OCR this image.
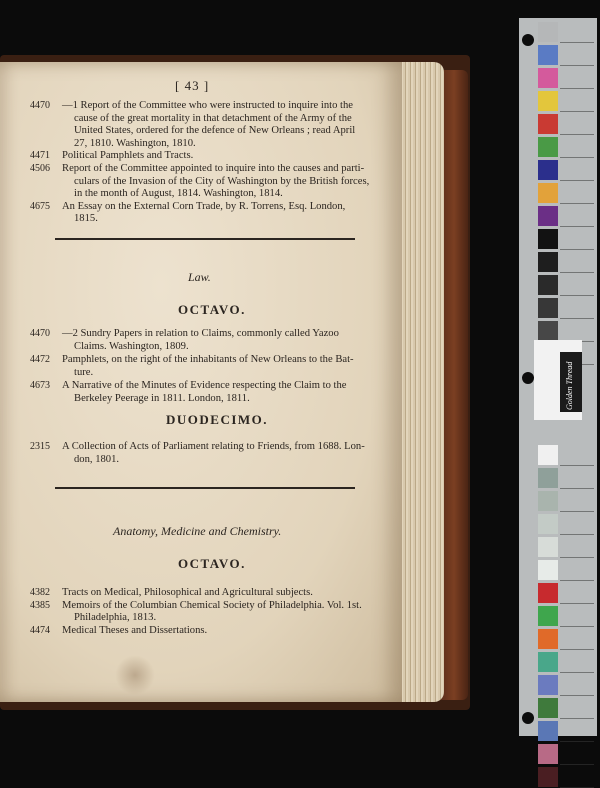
[ 43 ]
4470	—1 Report of the Committee who were instructed to inquire into the
cause of the great mortality in that detachment of the Army of the
United States, ordered for the defence of New Orleans ; read April
27, 1810. Washington, 1810.
4471	Political Pamphlets and Tracts.
4506	Report of the Committee appointed to inquire into the causes and parti-
culars of the Invasion of the City of Washington by the British forces,
in the month of August, 1814. Washington, 1814.
4675	An Essay on the External Corn Trade, by R. Torrens, Esq. London,
1815.
Law.
OCTAVO.
4470	—2 Sundry Papers in relation to Claims, commonly called Yazoo
Claims. Washington, 1809.
4472	Pamphlets, on the right of the inhabitants of New Orleans to the Bat-
ture.
4673	A Narrative of the Minutes of Evidence respecting the Claim to the
Berkeley Peerage in 1811. London, 1811.
DUODECIMO.
2315	A Collection of Acts of Parliament relating to Friends, from 1688. Lon-
don, 1801.
Anatomy, Medicine and Chemistry.
OCTAVO.
4382	Tracts on Medical, Philosophical and Agricultural subjects.
4385	Memoirs of the Columbian Chemical Society of Philadelphia. Vol. 1st.
Philadelphia, 1813.
4474	Medical Theses and Dissertations.
Golden Thread
